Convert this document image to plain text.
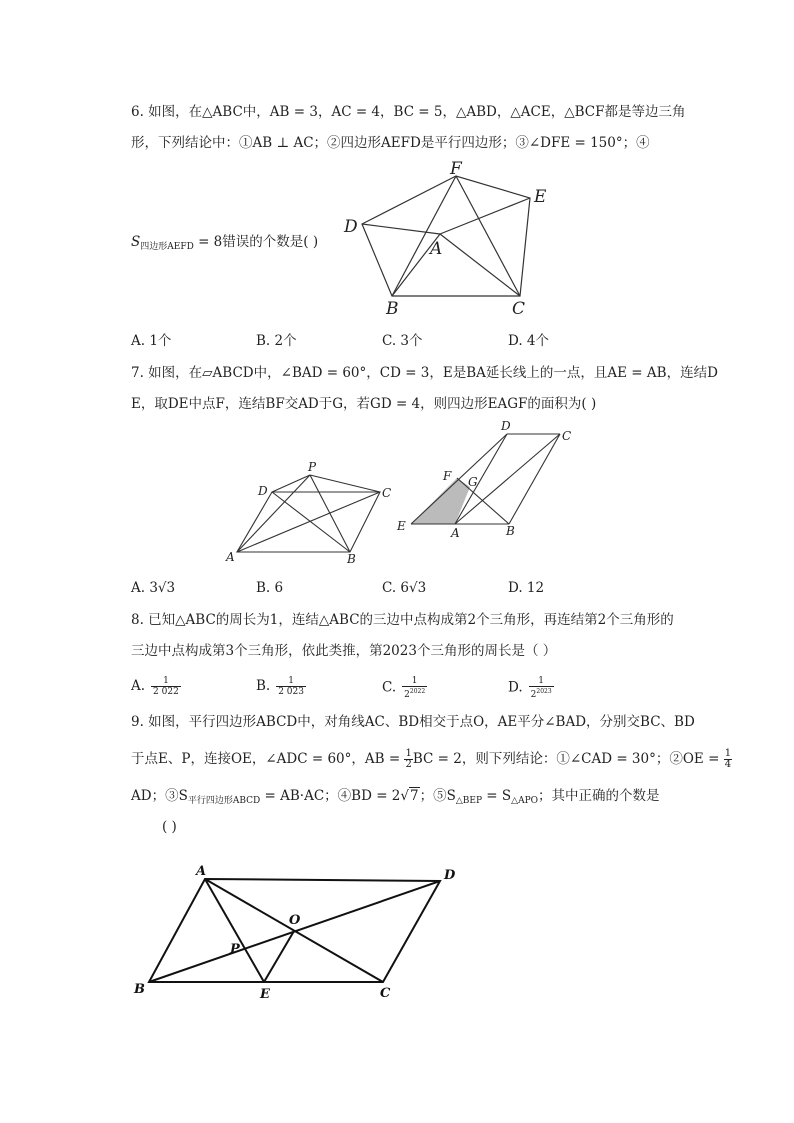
6. 如图，在△ABC中，AB = 3，AC = 4，BC = 5，△ABD，△ACE，△BCF都是等边三角
形，下列结论中：①AB ⊥ AC；②四边形AEFD是平行四边形；③∠DFE = 150°；④
$S_{四边形AEFD} = 8$错误的个数是( )
F
E
D
A
B	C
A. 1个	B. 2个	C. 3个	D. 4个
7. 如图，在▱ABCD中，∠BAD = 60°，CD = 3，E是BA延长线上的一点，且AE = AB，连结D
E，取DE中点F，连结BF交AD于G，若GD = 4，则四边形EAGF的面积为( )
P
D	C
A	B
D
C
F G
E	A	B
A. 3√3	B. 6	C. 6√3	D. 12
8. 已知△ABC的周长为1，连结△ABC的三边中点构成第2个三角形，再连结第2个三角形的
三边中点构成第3个三角形，依此类推，第2023个三角形的周长是（ ）
A. $\frac{1}{2 022}$	B. $\frac{1}{2 023}$	C. $\frac{1}{2^{2022}}$	D. $\frac{1}{2^{2023}}$
9. 如图，平行四边形ABCD中，对角线AC、BD相交于点O，AE平分∠BAD，分别交BC、BD
于点E、P，连接OE，∠ADC = 60°，AB = $\frac{1}{2}$ BC = 2，则下列结论：①∠CAD = 30°；②OE = $\frac{1}{4}$
AD；$③S_{平行四边形ABCD} = AB\cdot AC$；④BD = 2√7；$⑤S_{\triangle BEP} = S_{\triangle APO}$；其中正确的个数是
( )
A	D
O
P
B	E	C
